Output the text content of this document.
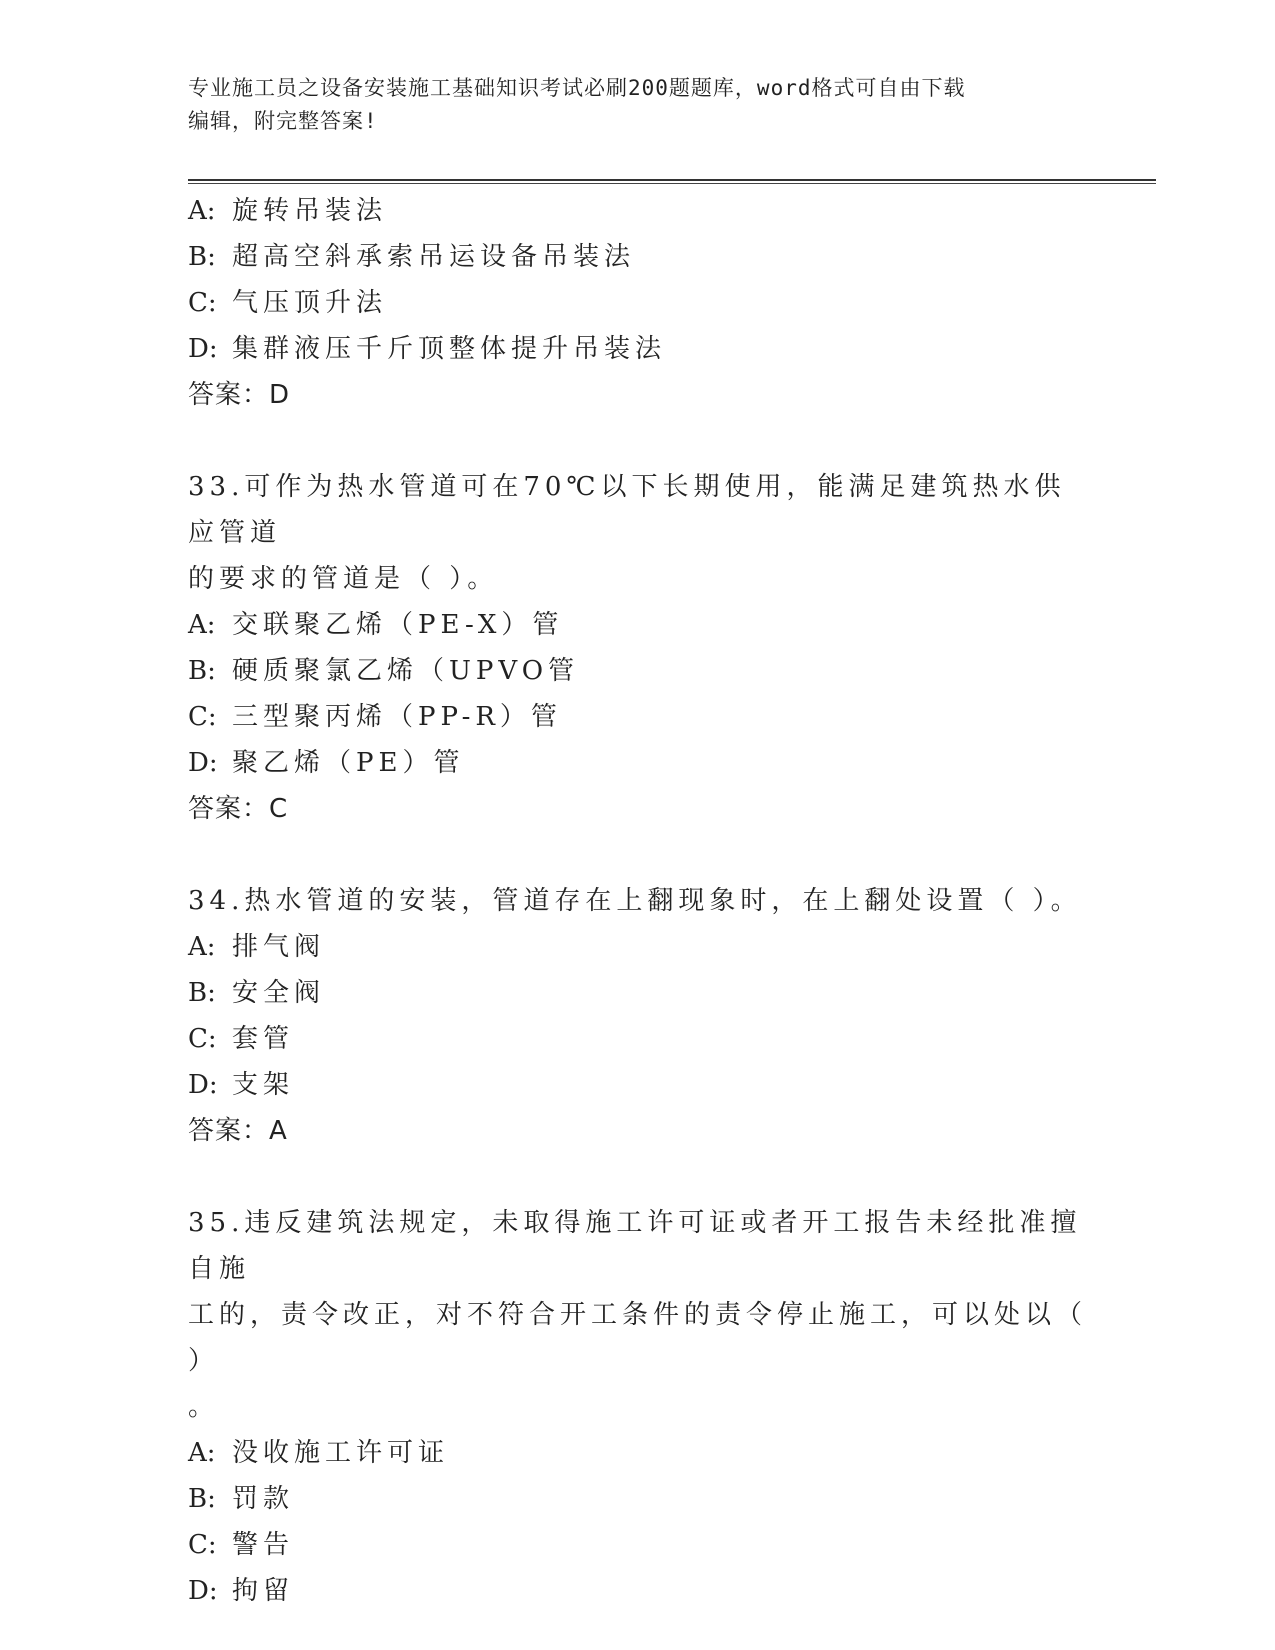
专业施工员之设备安装施工基础知识考试必刷200题题库，word格式可自由下载
编辑，附完整答案!
A: 旋转吊装法
B: 超高空斜承索吊运设备吊装法
C: 气压顶升法
D: 集群液压千斤顶整体提升吊装法
答案：D
33.可作为热水管道可在70℃以下长期使用，能满足建筑热水供应管道
的要求的管道是（ ）。
A: 交联聚乙烯（PE-X）管
B: 硬质聚氯乙烯（UPVO管
C: 三型聚丙烯（PP-R）管
D: 聚乙烯（PE）管
答案：C
34.热水管道的安装，管道存在上翻现象时，在上翻处设置（ ）。
A: 排气阀
B: 安全阀
C: 套管
D: 支架
答案：A
35.违反建筑法规定，未取得施工许可证或者开工报告未经批准擅自施
工的，责令改正，对不符合开工条件的责令停止施工，可以处以（ ）
。
A: 没收施工许可证
B: 罚款
C: 警告
D: 拘留
